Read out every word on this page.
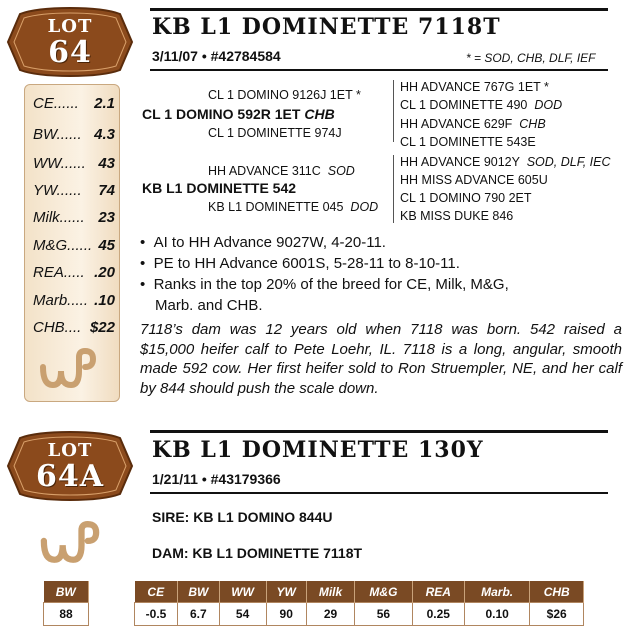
LOT
64
CE...... 2.1
BW...... 4.3
WW...... 43
YW...... 74
Milk...... 23
M&G...... 45
REA..... .20
Marb..... .10
CHB.... $22
KB L1 DOMINETTE 7118T
3/11/07 • #42784584	* = SOD, CHB, DLF, IEF
CL 1 DOMINO 9126J 1ET *
CL 1 DOMINO 592R 1ET CHB
CL 1 DOMINETTE 974J
HH ADVANCE 311C SOD
KB L1 DOMINETTE 542
KB L1 DOMINETTE 045 DOD
HH ADVANCE 767G 1ET *
CL 1 DOMINETTE 490 DOD
HH ADVANCE 629F CHB
CL 1 DOMINETTE 543E
HH ADVANCE 9012Y SOD, DLF, IEC
HH MISS ADVANCE 605U
CL 1 DOMINO 790 2ET
KB MISS DUKE 846
•  AI to HH Advance 9027W, 4-20-11.
•  PE to HH Advance 6001S, 5-28-11 to 8-10-11.
•  Ranks in the top 20% of the breed for CE, Milk, M&G,
Marb. and CHB.
7118’s dam was 12 years old when 7118 was born. 542 raised a $15,000 heifer calf to Pete Loehr, IL. 7118 is a long, angular, smooth made 592 cow. Her first heifer sold to Ron Struempler, NE, and her calf by 844 should push the scale down.
LOT
64A
KB L1 DOMINETTE 130Y
1/21/11 • #43179366
SIRE: KB L1 DOMINO 844U
DAM: KB L1 DOMINETTE 7118T
BW
88
CE	BW	WW	YW	Milk	M&G	REA	Marb.	CHB
-0.5	6.7	54	90	29	56	0.25	0.10	$26
